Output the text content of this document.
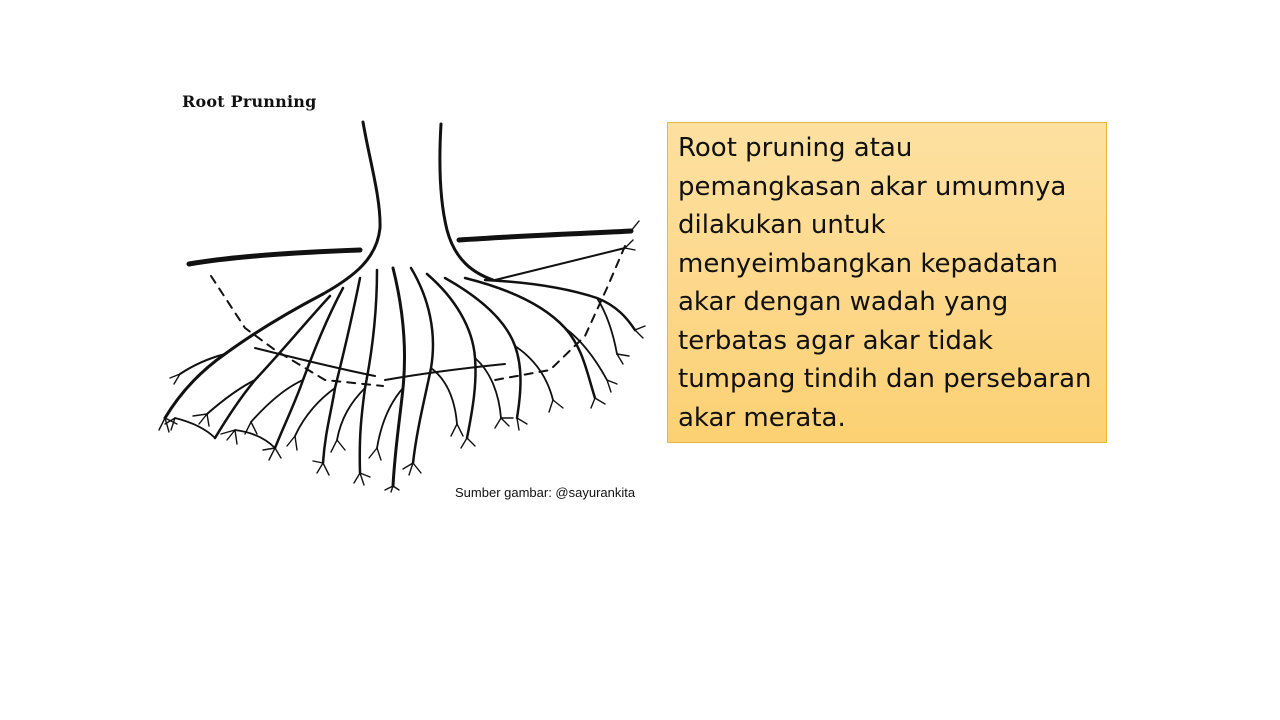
Root Prunning
Sumber gambar: @sayurankita

Root pruning atau pemangkasan akar umumnya dilakukan untuk menyeimbangkan kepadatan akar dengan wadah yang terbatas agar akar tidak tumpang tindih dan persebaran akar merata.
